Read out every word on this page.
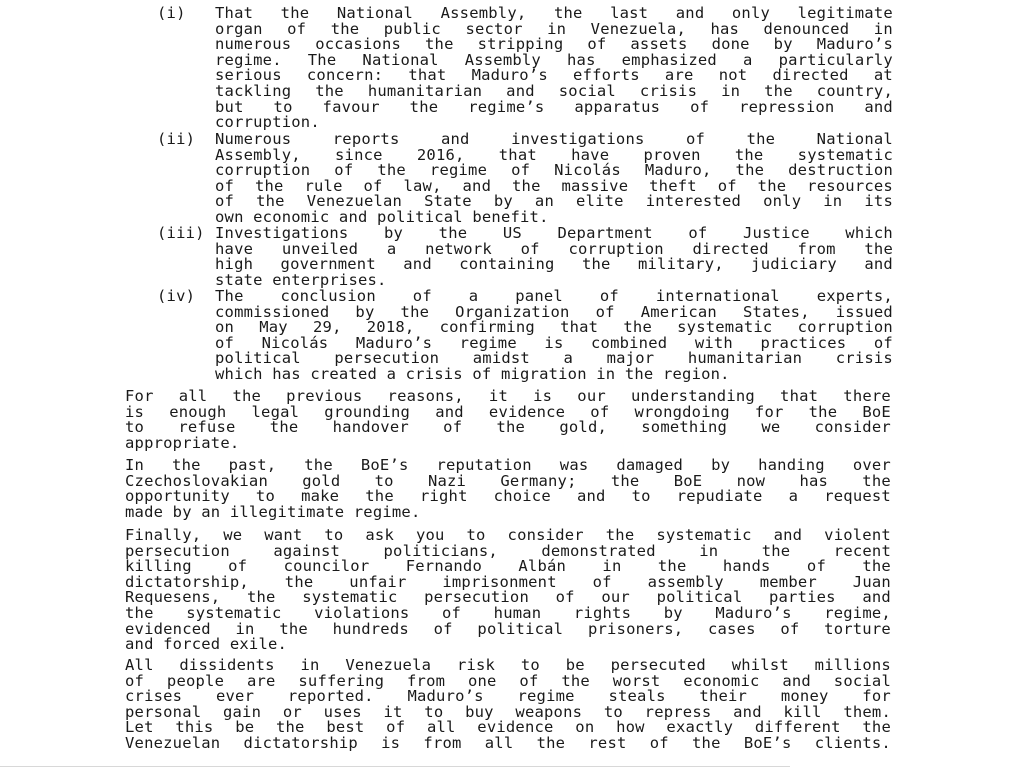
(i) That the National Assembly, the last and only legitimate
organ of the public sector in Venezuela, has denounced in
numerous occasions the stripping of assets done by Maduro’s
regime. The National Assembly has emphasized a particularly
serious concern: that Maduro’s efforts are not directed at
tackling the humanitarian and social crisis in the country,
but to favour the regime’s apparatus of repression and
corruption.
(ii) Numerous	reports	and	investigations	of	the	National
Assembly, since 2016, that have proven the systematic
corruption of the regime of Nicolás Maduro, the destruction
of the rule of law, and the massive theft of the resources
of the Venezuelan State by an elite interested only in its
own economic and political benefit.
(iii) Investigations by the US Department of Justice which
have unveiled a network of corruption directed from the
high government and containing the military, judiciary and
state enterprises.
(iv) The conclusion of a panel of international experts,
commissioned by the Organization of American States, issued
on May 29, 2018, confirming that the systematic corruption
of Nicolás Maduro’s regime is combined with practices of
political persecution amidst a major humanitarian crisis
which has created a crisis of migration in the region.
For all the previous reasons, it is our understanding that there
is enough legal grounding and evidence of wrongdoing for the BoE
to refuse the handover of the gold, something we consider
appropriate.
In the past, the BoE’s reputation was damaged by handing over
Czechoslovakian gold to Nazi Germany; the BoE now has the
opportunity to make the right choice and to repudiate a request
made by an illegitimate regime.
Finally, we want to ask you to consider the systematic and violent
persecution	against	politicians,	demonstrated	in	the	recent
killing of councilor Fernando Albán in the hands of the
dictatorship, the unfair imprisonment of assembly member Juan
Requesens, the systematic persecution of our political parties and
the systematic violations of human rights by Maduro’s regime,
evidenced in the hundreds of political prisoners, cases of torture
and forced exile.
All dissidents in Venezuela risk to be persecuted whilst millions
of people are suffering from one of the worst economic and social
crises ever reported. Maduro’s regime steals their money for
personal gain or uses it to buy weapons to repress and kill them.
Let this be the best of all evidence on how exactly different the
Venezuelan dictatorship is from all the rest of the BoE’s clients.
